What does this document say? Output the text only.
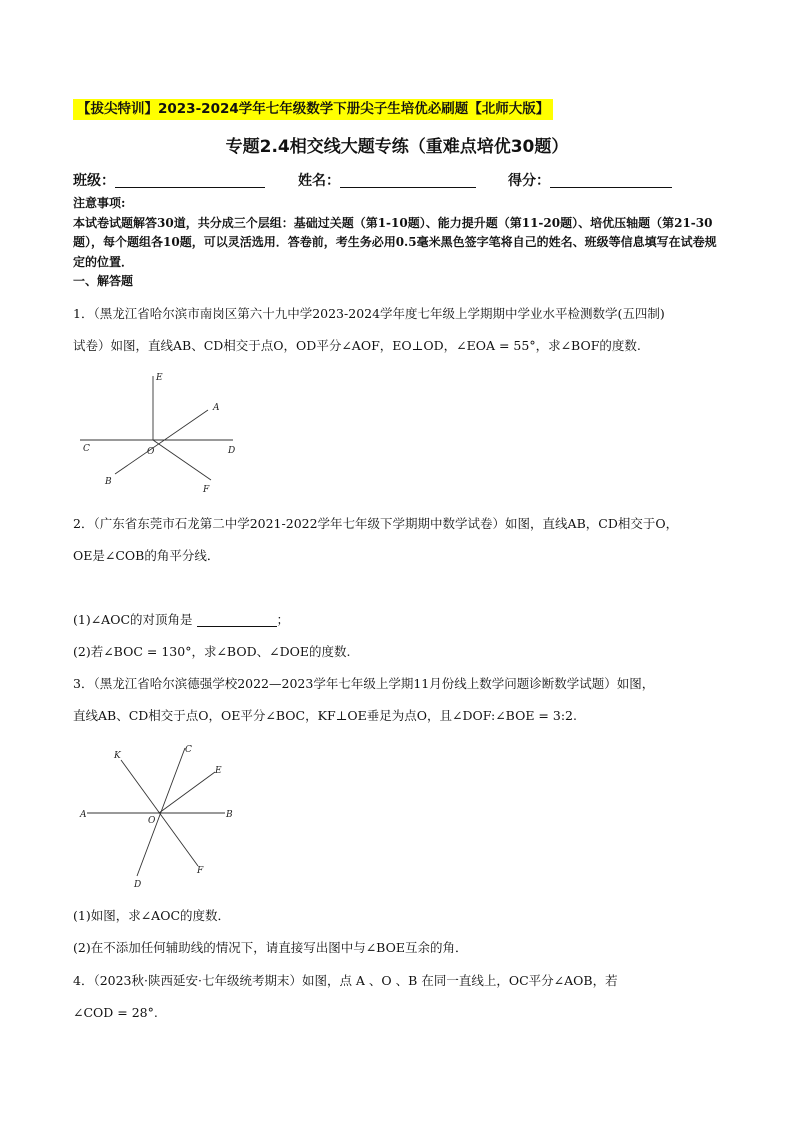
【拔尖特训】2023-2024学年七年级数学下册尖子生培优必刷题【北师大版】
专题2.4相交线大题专练（重难点培优30题）
班级：	姓名：	得分：

注意事项:

本试卷试题解答30道，共分成三个层组：基础过关题（第1-10题）、能力提升题（第11-20题）、培优压轴题（第21-30题），每个题组各10题，可以灵活选用．答卷前，考生务必用0.5毫米黑色签字笔将自己的姓名、班级等信息填写在试卷规定的位置．

一、解答题

1．（黑龙江省哈尔滨市南岗区第六十九中学2023-2024学年度七年级上学期期中学业水平检测数学(五四制)

试卷）如图，直线AB、CD相交于点O，OD平分∠AOF，EO⊥OD，∠EOA = 55°，求∠BOF的度数.

E
A
C	O	D
B
F

2．（广东省东莞市石龙第二中学2021-2022学年七年级下学期期中数学试卷）如图，直线AB，CD相交于O，

OE是∠COB的角平分线．

(1)∠AOC的对顶角是	；

(2)若∠BOC = 130°，求∠BOD、∠DOE的度数.

3．（黑龙江省哈尔滨德强学校2022—2023学年七年级上学期11月份线上数学问题诊断数学试题）如图，

直线AB、CD相交于点O，OE平分∠BOC，KF⊥OE垂足为点O，且∠DOF:∠BOE = 3:2.

K
C
E
A
O
B
D
F

(1)如图，求∠AOC的度数．

(2)在不添加任何辅助线的情况下，请直接写出图中与∠BOE互余的角．

4．（2023秋·陕西延安·七年级统考期末）如图，点 A 、O 、B 在同一直线上，OC平分∠AOB，若

∠COD = 28°.
